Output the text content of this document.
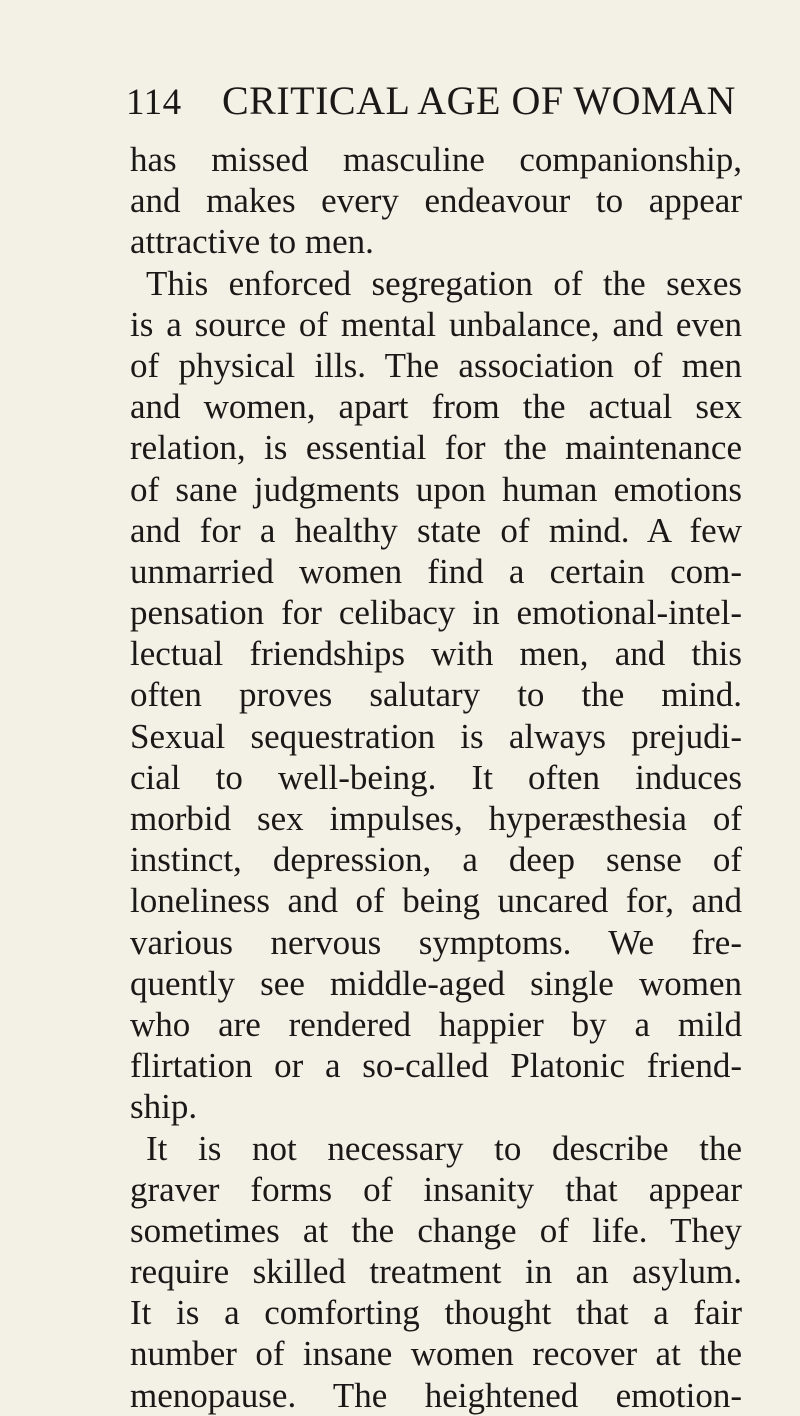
114 CRITICAL AGE OF WOMAN
has missed masculine companionship,
and makes every endeavour to appear
attractive to men.
This enforced segregation of the sexes
is a source of mental unbalance, and even
of physical ills. The association of men
and women, apart from the actual sex
relation, is essential for the maintenance
of sane judgments upon human emotions
and for a healthy state of mind. A few
unmarried women find a certain com-
pensation for celibacy in emotional-intel-
lectual friendships with men, and this
often proves salutary to the mind.
Sexual sequestration is always prejudi-
cial to well-being. It often induces
morbid sex impulses, hyperæsthesia of
instinct, depression, a deep sense of
loneliness and of being uncared for, and
various nervous symptoms. We fre-
quently see middle-aged single women
who are rendered happier by a mild
flirtation or a so-called Platonic friend-
ship.
It is not necessary to describe the
graver forms of insanity that appear
sometimes at the change of life. They
require skilled treatment in an asylum.
It is a comforting thought that a fair
number of insane women recover at the
menopause. The heightened emotion-
